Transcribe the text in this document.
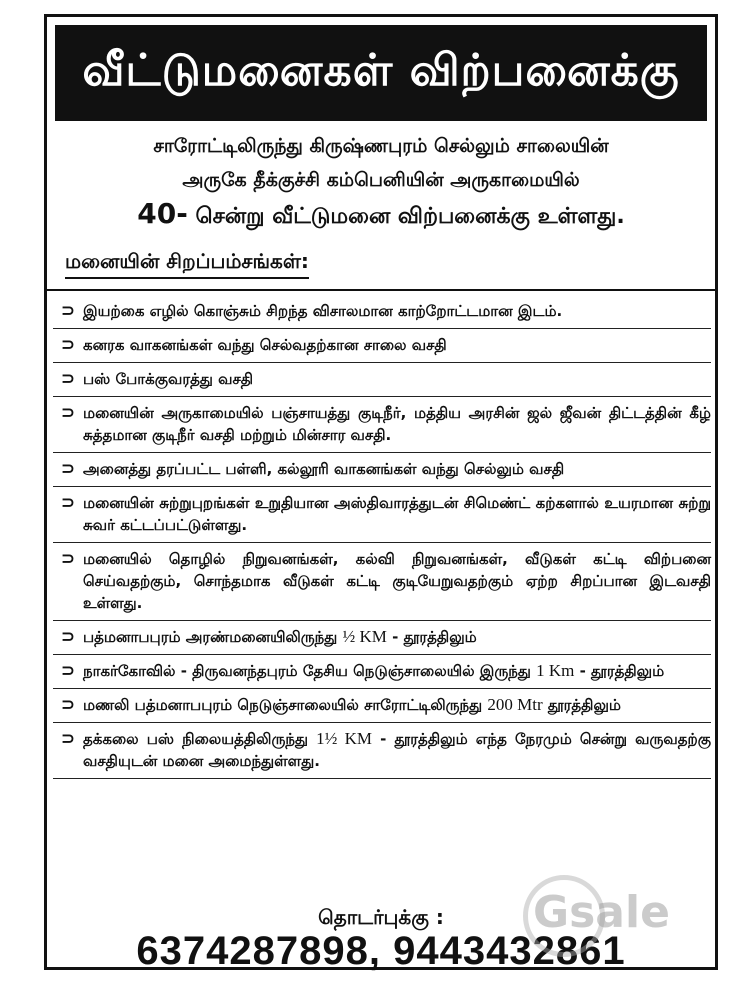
வீட்டுமனைகள் விற்பனைக்கு
சாரோட்டிலிருந்து கிருஷ்ணபுரம் செல்லும் சாலையின்
அருகே தீக்குச்சி கம்பெனியின் அருகாமையில்
40- சென்று வீட்டுமனை விற்பனைக்கு உள்ளது.
மனையின் சிறப்பம்சங்கள்:
⊃ இயற்கை எழில் கொஞ்சும் சிறந்த விசாலமான காற்றோட்டமான இடம்.
⊃ கனரக வாகனங்கள் வந்து செல்வதற்கான சாலை வசதி
⊃ பஸ் போக்குவரத்து வசதி
⊃ மனையின் அருகாமையில் பஞ்சாயத்து குடிநீர், மத்திய அரசின் ஜல் ஜீவன் திட்டத்தின் கீழ் சுத்தமான குடிநீர் வசதி மற்றும் மின்சார வசதி.
⊃ அனைத்து தரப்பட்ட பள்ளி, கல்லூரி வாகனங்கள் வந்து செல்லும் வசதி
⊃ மனையின் சுற்றுபுறங்கள் உறுதியான அஸ்திவாரத்துடன் சிமெண்ட் கற்களால் உயரமான சுற்று சுவர் கட்டப்பட்டுள்ளது.
⊃ மனையில் தொழில் நிறுவனங்கள், கல்வி நிறுவனங்கள், வீடுகள் கட்டி விற்பனை செய்வதற்கும், சொந்தமாக வீடுகள் கட்டி குடியேறுவதற்கும் ஏற்ற சிறப்பான இடவசதி உள்ளது.
⊃ பத்மனாபபுரம் அரண்மனையிலிருந்து ½ KM - தூரத்திலும்
⊃ நாகர்கோவில் - திருவனந்தபுரம் தேசிய நெடுஞ்சாலையில் இருந்து 1 Km - தூரத்திலும்
⊃ மணலி பத்மனாபபுரம் நெடுஞ்சாலையில் சாரோட்டிலிருந்து 200 Mtr தூரத்திலும்
⊃ தக்கலை பஸ் நிலையத்திலிருந்து 1½ KM - தூரத்திலும் எந்த நேரமும் சென்று வருவதற்கு வசதியுடன் மனை அமைந்துள்ளது.
தொடர்புக்கு :
6374287898, 9443432861
Gsale
